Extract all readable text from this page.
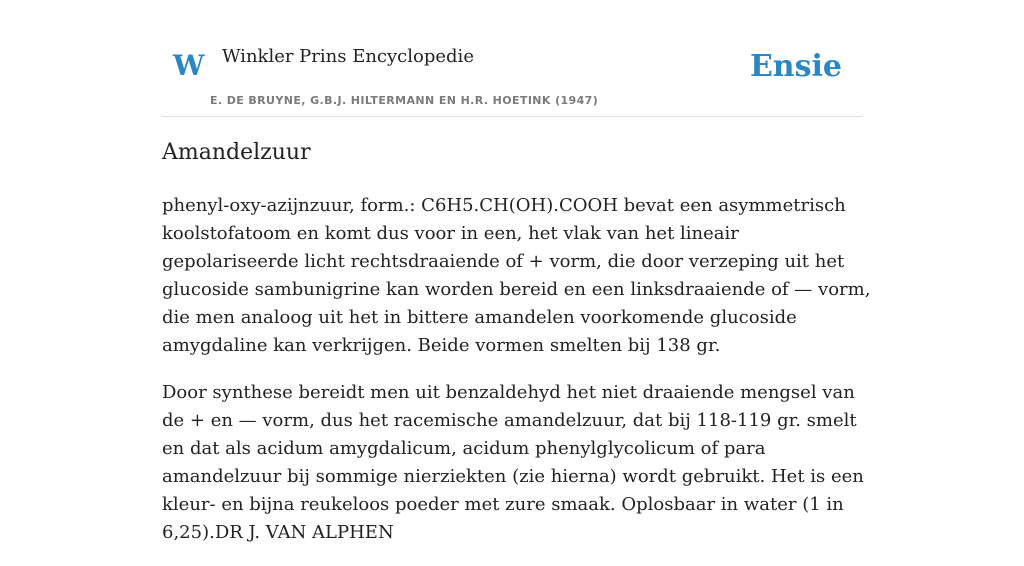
W Winkler Prins Encyclopedie
E. DE BRUYNE, G.B.J. HILTERMANN EN H.R. HOETINK (1947)
Ensie
Amandelzuur

phenyl-oxy-azijnzuur, form.: C6H5.CH(OH).COOH bevat een asymmetrisch koolstofatoom en komt dus voor in een, het vlak van het lineair gepolariseerde licht rechtsdraaiende of + vorm, die door verzeping uit het glucoside sambunigrine kan worden bereid en een linksdraaiende of — vorm, die men analoog uit het in bittere amandelen voorkomende glucoside amygdaline kan verkrijgen. Beide vormen smelten bij 138 gr.

Door synthese bereidt men uit benzaldehyd het niet draaiende mengsel van de + en — vorm, dus het racemische amandelzuur, dat bij 118-119 gr. smelt en dat als acidum amygdalicum, acidum phenylglycolicum of para amandelzuur bij sommige nierziekten (zie hierna) wordt gebruikt. Het is een kleur- en bijna reukeloos poeder met zure smaak. Oplosbaar in water (1 in 6,25).DR J. VAN ALPHEN
